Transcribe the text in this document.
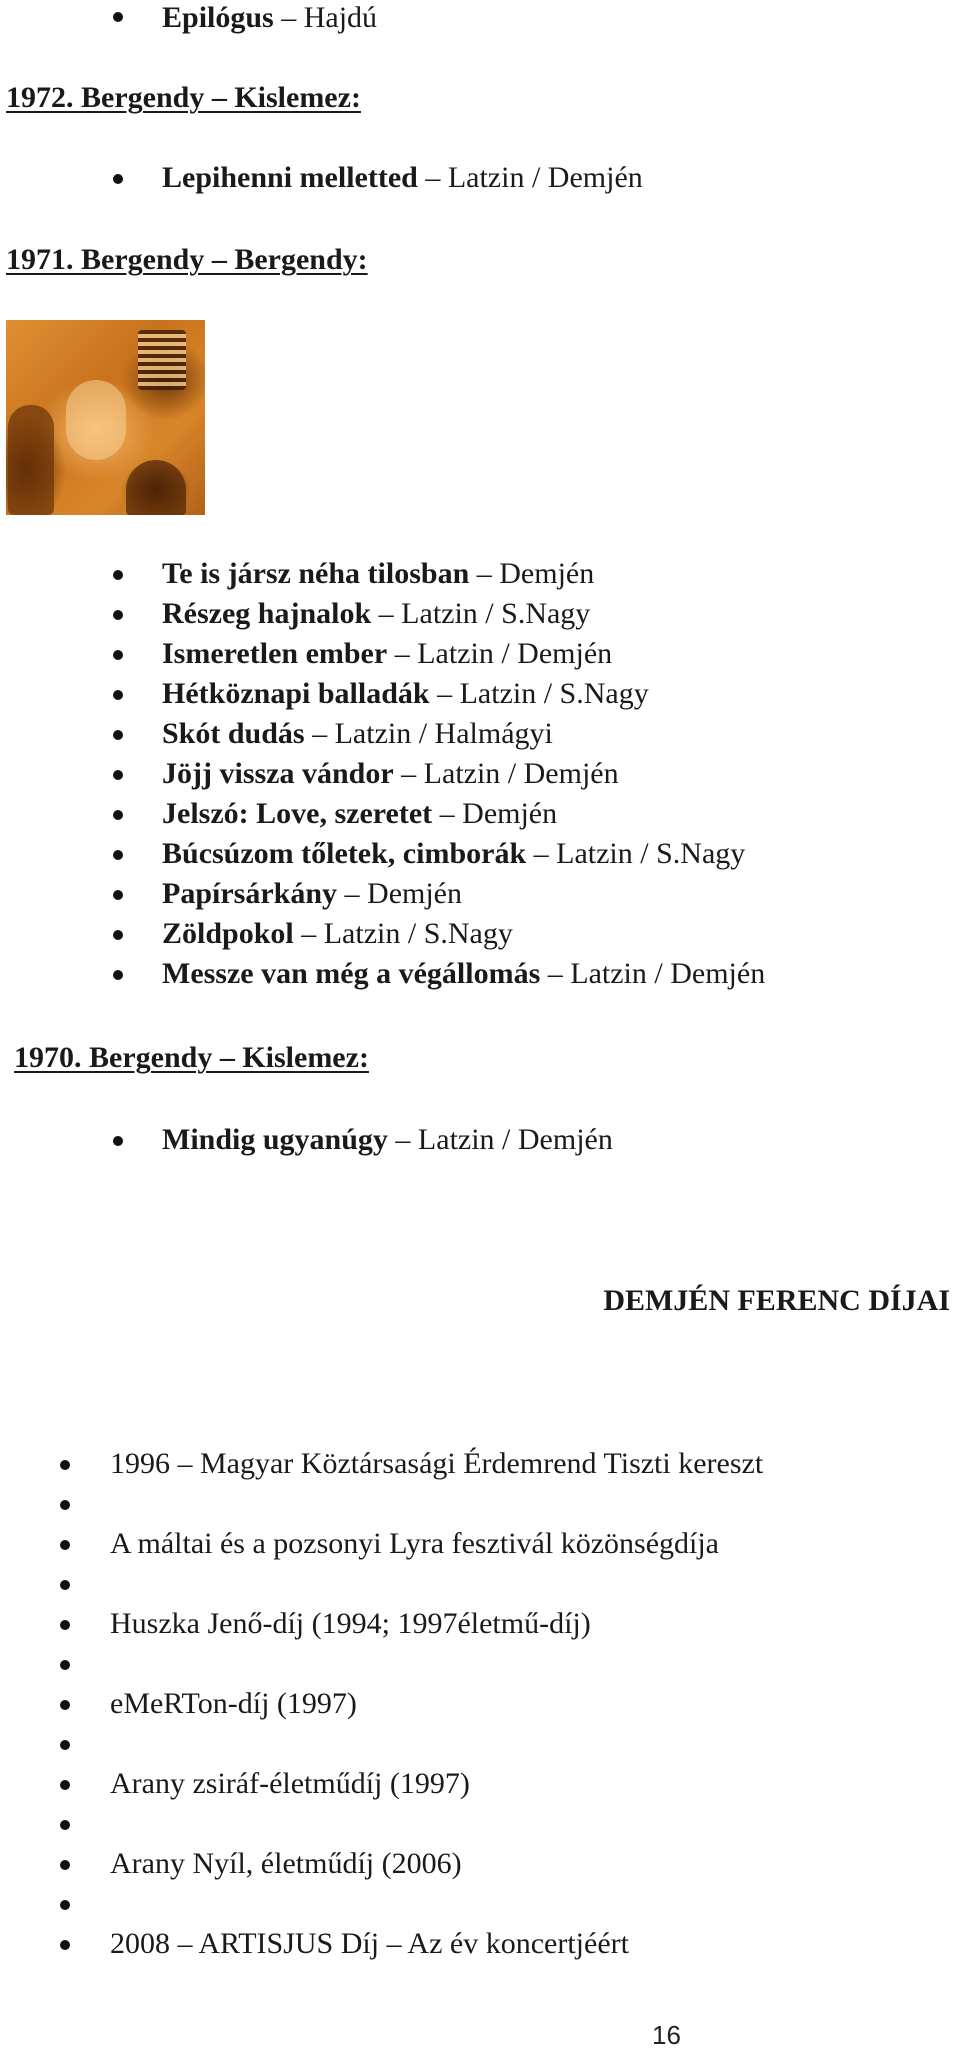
Epilógus – Hajdú
1972. Bergendy – Kislemez:
Lepihenni melletted – Latzin / Demjén
1971. Bergendy – Bergendy:
Te is jársz néha tilosban – Demjén
Részeg hajnalok – Latzin / S.Nagy
Ismeretlen ember – Latzin / Demjén
Hétköznapi balladák – Latzin / S.Nagy
Skót dudás – Latzin / Halmágyi
Jöjj vissza vándor – Latzin / Demjén
Jelszó: Love, szeretet – Demjén
Búcsúzom tőletek, cimborák – Latzin / S.Nagy
Papírsárkány – Demjén
Zöldpokol – Latzin / S.Nagy
Messze van még a végállomás – Latzin / Demjén
1970. Bergendy – Kislemez:
Mindig ugyanúgy – Latzin / Demjén
DEMJÉN FERENC DÍJAI
1996 – Magyar Köztársasági Érdemrend Tiszti kereszt
A máltai és a pozsonyi Lyra fesztivál közönségdíja
Huszka Jenő-díj (1994; 1997életmű-díj)
eMeRTon-díj (1997)
Arany zsiráf-életműdíj (1997)
Arany Nyíl, életműdíj (2006)
2008 – ARTISJUS Díj – Az év koncertjéért
16
